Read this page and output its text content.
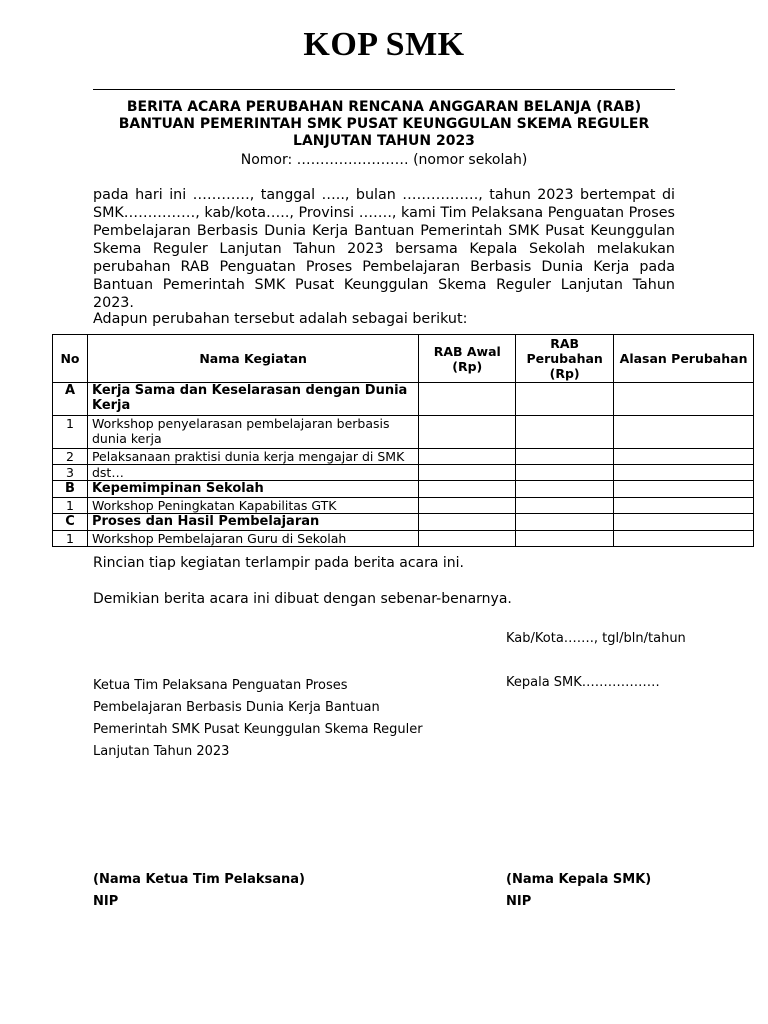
KOP SMK
BERITA ACARA PERUBAHAN RENCANA ANGGARAN BELANJA (RAB)
BANTUAN PEMERINTAH SMK PUSAT KEUNGGULAN SKEMA REGULER
LANJUTAN TAHUN 2023
Nomor: …………………… (nomor sekolah)
pada hari ini …………, tanggal ….., bulan ……………., tahun 2023 bertempat di SMK……………, kab/kota….., Provinsi ……., kami Tim Pelaksana Penguatan Proses Pembelajaran Berbasis Dunia Kerja Bantuan Pemerintah SMK Pusat Keunggulan Skema Reguler Lanjutan Tahun 2023 bersama Kepala Sekolah melakukan perubahan RAB Penguatan Proses Pembelajaran Berbasis Dunia Kerja pada Bantuan Pemerintah SMK Pusat Keunggulan Skema Reguler Lanjutan Tahun 2023.
Adapun perubahan tersebut adalah sebagai berikut:
No	Nama Kegiatan	RAB Awal (Rp)	RAB Perubahan (Rp)	Alasan Perubahan
A	Kerja Sama dan Keselarasan dengan Dunia Kerja			
1	Workshop penyelarasan pembelajaran berbasis dunia kerja			
2	Pelaksanaan praktisi dunia kerja mengajar di SMK			
3	dst…			
B	Kepemimpinan Sekolah			
1	Workshop Peningkatan Kapabilitas GTK			
C	Proses dan Hasil Pembelajaran			
1	Workshop Pembelajaran Guru di Sekolah			
Rincian tiap kegiatan terlampir pada berita acara ini.
Demikian berita acara ini dibuat dengan sebenar-benarnya.
Kab/Kota……., tgl/bln/tahun
Ketua Tim Pelaksana Penguatan Proses
Pembelajaran Berbasis Dunia Kerja Bantuan
Pemerintah SMK Pusat Keunggulan Skema Reguler
Lanjutan Tahun 2023
Kepala SMK………………
(Nama Ketua Tim Pelaksana)
NIP
(Nama Kepala SMK)
NIP
